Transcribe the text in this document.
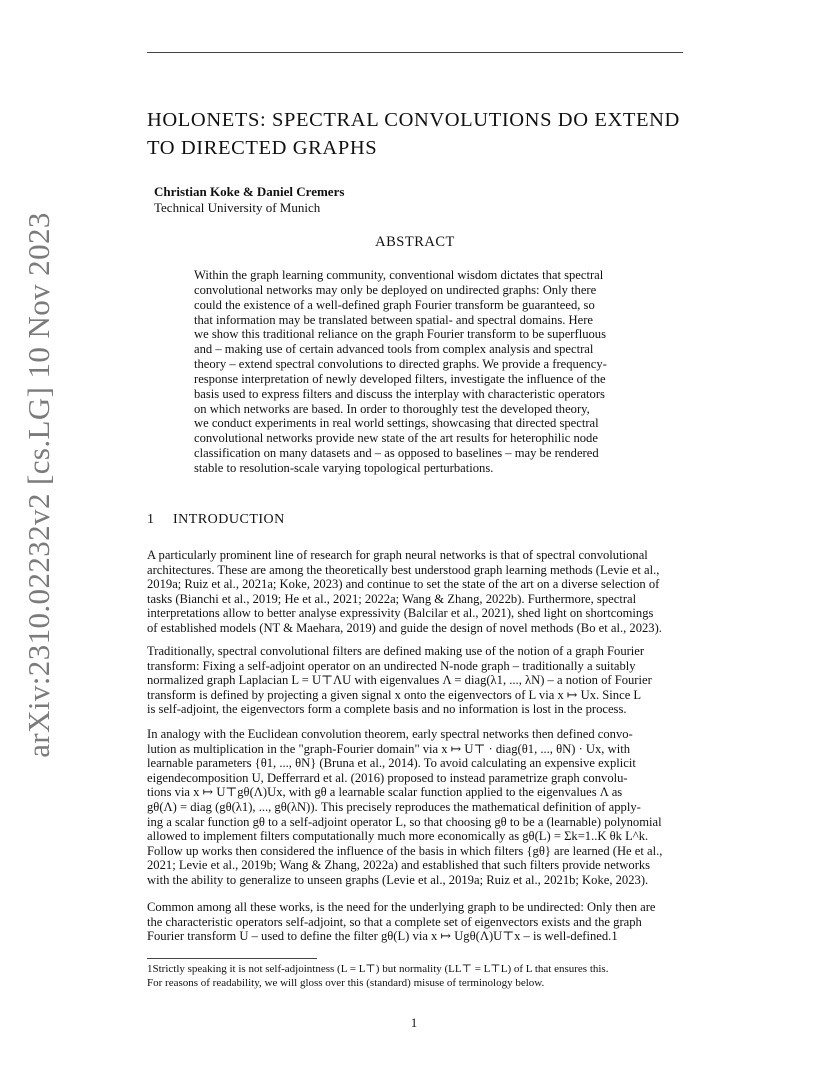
arXiv:2310.02232v2 [cs.LG] 10 Nov 2023
HOLONETS: SPECTRAL CONVOLUTIONS DO EXTEND
TO DIRECTED GRAPHS
Christian Koke & Daniel Cremers
Technical University of Munich
ABSTRACT
Within the graph learning community, conventional wisdom dictates that spectral
convolutional networks may only be deployed on undirected graphs: Only there
could the existence of a well-defined graph Fourier transform be guaranteed, so
that information may be translated between spatial- and spectral domains. Here
we show this traditional reliance on the graph Fourier transform to be superfluous
and – making use of certain advanced tools from complex analysis and spectral
theory – extend spectral convolutions to directed graphs. We provide a frequency-
response interpretation of newly developed filters, investigate the influence of the
basis used to express filters and discuss the interplay with characteristic operators
on which networks are based. In order to thoroughly test the developed theory,
we conduct experiments in real world settings, showcasing that directed spectral
convolutional networks provide new state of the art results for heterophilic node
classification on many datasets and – as opposed to baselines – may be rendered
stable to resolution-scale varying topological perturbations.
1 INTRODUCTION
A particularly prominent line of research for graph neural networks is that of spectral convolutional
architectures. These are among the theoretically best understood graph learning methods (Levie et al.,
2019a; Ruiz et al., 2021a; Koke, 2023) and continue to set the state of the art on a diverse selection of
tasks (Bianchi et al., 2019; He et al., 2021; 2022a; Wang & Zhang, 2022b). Furthermore, spectral
interpretations allow to better analyse expressivity (Balcilar et al., 2021), shed light on shortcomings
of established models (NT & Maehara, 2019) and guide the design of novel methods (Bo et al., 2023).
Traditionally, spectral convolutional filters are defined making use of the notion of a graph Fourier
transform: Fixing a self-adjoint operator on an undirected N-node graph – traditionally a suitably
normalized graph Laplacian L = U⊤ΛU with eigenvalues Λ = diag(λ1, ..., λN) – a notion of Fourier
transform is defined by projecting a given signal x onto the eigenvectors of L via x ↦ Ux. Since L
is self-adjoint, the eigenvectors form a complete basis and no information is lost in the process.
In analogy with the Euclidean convolution theorem, early spectral networks then defined convo-
lution as multiplication in the "graph-Fourier domain" via x ↦ U⊤ · diag(θ1, ..., θN) · Ux, with
learnable parameters {θ1, ..., θN} (Bruna et al., 2014). To avoid calculating an expensive explicit
eigendecomposition U, Defferrard et al. (2016) proposed to instead parametrize graph convolu-
tions via x ↦ U⊤gθ(Λ)Ux, with gθ a learnable scalar function applied to the eigenvalues Λ as
gθ(Λ) = diag (gθ(λ1), ..., gθ(λN)). This precisely reproduces the mathematical definition of apply-
ing a scalar function gθ to a self-adjoint operator L, so that choosing gθ to be a (learnable) polynomial
allowed to implement filters computationally much more economically as gθ(L) = Σk=1..K θk L^k.
Follow up works then considered the influence of the basis in which filters {gθ} are learned (He et al.,
2021; Levie et al., 2019b; Wang & Zhang, 2022a) and established that such filters provide networks
with the ability to generalize to unseen graphs (Levie et al., 2019a; Ruiz et al., 2021b; Koke, 2023).
Common among all these works, is the need for the underlying graph to be undirected: Only then are
the characteristic operators self-adjoint, so that a complete set of eigenvectors exists and the graph
Fourier transform U – used to define the filter gθ(L) via x ↦ Ugθ(Λ)U⊤x – is well-defined.1
1Strictly speaking it is not self-adjointness (L = L⊤) but normality (LL⊤ = L⊤L) of L that ensures this.
For reasons of readability, we will gloss over this (standard) misuse of terminology below.
1
